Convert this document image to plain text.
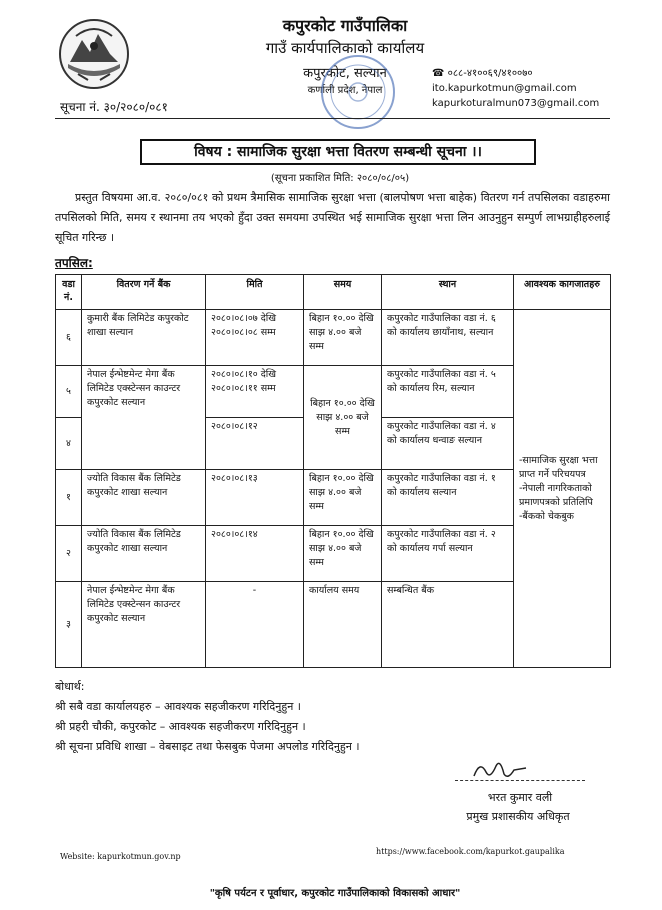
कपुरकोट गाउँपालिका
गाउँ कार्यपालिकाको कार्यालय
कपुरकोट, सल्यान
कर्णाली प्रदेश, नेपाल
☎ ०८८-४१००६९/४१००७०
ito.kapurkotmun@gmail.com
kapurkoturalmun073@gmail.com
सूचना नं. ३०/२०८०/०८१
विषय : सामाजिक सुरक्षा भत्ता वितरण सम्बन्धी सूचना ।।
(सूचना प्रकाशित मिति: २०८०/०८/०५)
प्रस्तुत विषयमा आ.व. २०८०/०८१ को प्रथम त्रैमासिक सामाजिक सुरक्षा भत्ता (बालपोषण भत्ता बाहेक) वितरण गर्न तपसिलका वडाहरुमा तपसिलको मिति, समय र स्थानमा तय भएको हुँदा उक्त समयमा उपस्थित भई सामाजिक सुरक्षा भत्ता लिन आउनुहुन सम्पुर्ण लाभग्राहीहरुलाई सूचित गरिन्छ ।
तपसिल:
वडा नं.	वितरण गर्ने बैंक	मिति	समय	स्थान	आवश्यक कागजातहरु
६	कुमारी बैंक लिमिटेड कपुरकोट शाखा सल्यान	२०८०।०८।०७ देखि २०८०।०८।०८ सम्म	बिहान १०.०० देखि साझ ४.०० बजे सम्म	कपुरकोट गाउँपालिका वडा नं. ६ को कार्यालय छायाँनाथ, सल्यान	-सामाजिक सुरक्षा भत्ता प्राप्त गर्ने परिचयपत्र -नेपाली नागरिकताको प्रमाणपत्रको प्रतिलिपि -बैंकको चेकबुक
५	नेपाल ईन्भेष्टमेन्ट मेगा बैंक लिमिटेड एक्स्टेन्सन काउन्टर कपुरकोट सल्यान	२०८०।०८।१० देखि २०८०।०८।११ सम्म	बिहान १०.०० देखि साझ ४.०० बजे सम्म	कपुरकोट गाउँपालिका वडा नं. ५ को कार्यालय रिम, सल्यान	
४		२०८०।०८।१२		कपुरकोट गाउँपालिका वडा नं. ४ को कार्यालय धन्वाङ सल्यान	
१	ज्योति विकास बैंक लिमिटेड कपुरकोट शाखा सल्यान	२०८०।०८।१३	बिहान १०.०० देखि साझ ४.०० बजे सम्म	कपुरकोट गाउँपालिका वडा नं. १ को कार्यालय सल्यान	
२	ज्योति विकास बैंक लिमिटेड कपुरकोट शाखा सल्यान	२०८०।०८।१४	बिहान १०.०० देखि साझ ४.०० बजे सम्म	कपुरकोट गाउँपालिका वडा नं. २ को कार्यालय गर्पा सल्यान	
३	नेपाल ईन्भेष्टमेन्ट मेगा बैंक लिमिटेड एक्स्टेन्सन काउन्टर कपुरकोट सल्यान	-	कार्यालय समय	सम्बन्धित बैंक	
बोधार्थ:
श्री सबै वडा कार्यालयहरु – आवश्यक सहजीकरण गरिदिनुहुन ।
श्री प्रहरी चौकी, कपुरकोट – आवश्यक सहजीकरण गरिदिनुहुन ।
श्री सूचना प्रविधि शाखा – वेबसाइट तथा फेसबुक पेजमा अपलोड गरिदिनुहुन ।
भरत कुमार वली
प्रमुख प्रशासकीय अधिकृत
Website: kapurkotmun.gov.np
https://www.facebook.com/kapurkot.gaupalika
"कृषि पर्यटन र पूर्वाधार, कपुरकोट गाउँपालिकाको विकासको आधार"
